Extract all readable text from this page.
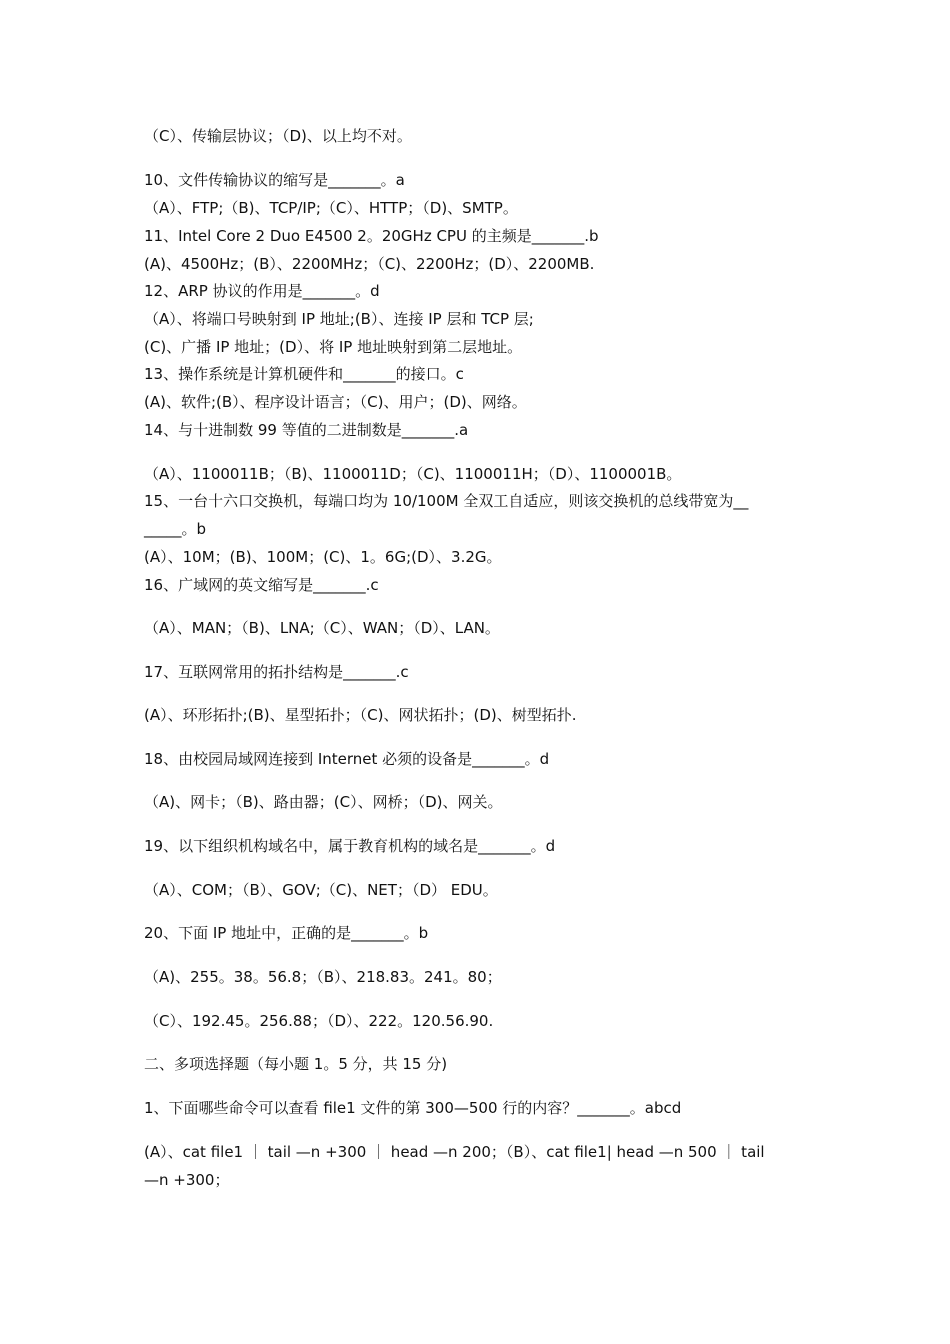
（C）、传输层协议；（D)、以上均不对。
10、文件传输协议的缩写是_______。a
（A）、FTP;（B)、TCP/IP;（C）、HTTP；（D)、SMTP。
11、Intel Core 2 Duo E4500 2。20GHz CPU 的主频是_______.b
(A)、4500Hz；(B）、2200MHz；（C)、2200Hz；(D）、2200MB.
12、ARP 协议的作用是_______。d
（A）、将端口号映射到 IP 地址;(B）、连接 IP 层和 TCP 层;
(C)、广播 IP 地址；(D）、将 IP 地址映射到第二层地址。
13、操作系统是计算机硬件和_______的接口。c
(A)、软件;(B）、程序设计语言；（C)、用户；(D)、网络。
14、与十进制数 99 等值的二进制数是_______.a
（A）、1100011B；（B)、1100011D；（C)、1100011H；（D）、1100001B。
15、一台十六口交换机，每端口均为 10/100M 全双工自适应，则该交换机的总线带宽为__
_____。b
(A）、10M；(B)、100M；(C)、1。6G;(D）、3.2G。
16、广域网的英文缩写是_______.c
（A）、MAN；（B)、LNA;（C）、WAN；（D）、LAN。
17、互联网常用的拓扑结构是_______.c
(A）、环形拓扑;(B)、星型拓扑；（C)、网状拓扑；(D)、树型拓扑.
18、由校园局域网连接到 Internet 必须的设备是_______。d
（A)、网卡；（B)、路由器；(C）、网桥；（D)、网关。
19、以下组织机构域名中，属于教育机构的域名是_______。d
（A）、COM；（B）、GOV;（C)、NET；（D） EDU。
20、下面 IP 地址中，正确的是_______。b
（A)、255。38。56.8；（B）、218.83。241。80；
（C）、192.45。256.88；（D）、222。120.56.90.
二、多项选择题（每小题 1。5 分，共 15 分)
1、下面哪些命令可以查看 file1 文件的第 300—500 行的内容？_______。abcd
(A）、cat file1 ｜ tail —n +300 ｜ head —n 200；（B）、cat file1| head —n 500 ｜ tail
—n +300；
